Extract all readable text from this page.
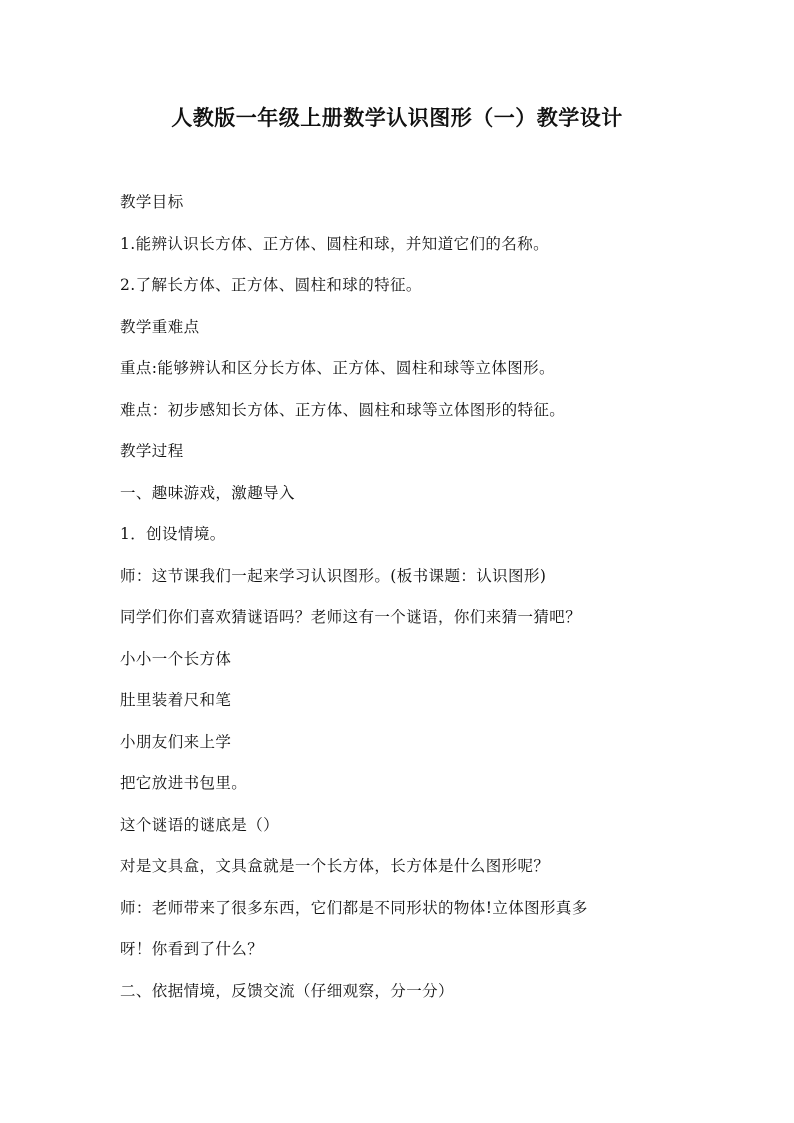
人教版一年级上册数学认识图形（一）教学设计
教学目标
1.能辨认识长方体、正方体、圆柱和球，并知道它们的名称。
2.了解长方体、正方体、圆柱和球的特征。
教学重难点
重点:能够辨认和区分长方体、正方体、圆柱和球等立体图形。
难点：初步感知长方体、正方体、圆柱和球等立体图形的特征。
教学过程
一、趣味游戏，激趣导入
1．创设情境。
师：这节课我们一起来学习认识图形。(板书课题：认识图形)
同学们你们喜欢猜谜语吗？老师这有一个谜语，你们来猜一猜吧？
小小一个长方体
肚里装着尺和笔
小朋友们来上学
把它放进书包里。
这个谜语的谜底是（）
对是文具盒，文具盒就是一个长方体，长方体是什么图形呢？
师：老师带来了很多东西，它们都是不同形状的物体!立体图形真多
呀！你看到了什么？
二、依据情境，反馈交流（仔细观察，分一分）
